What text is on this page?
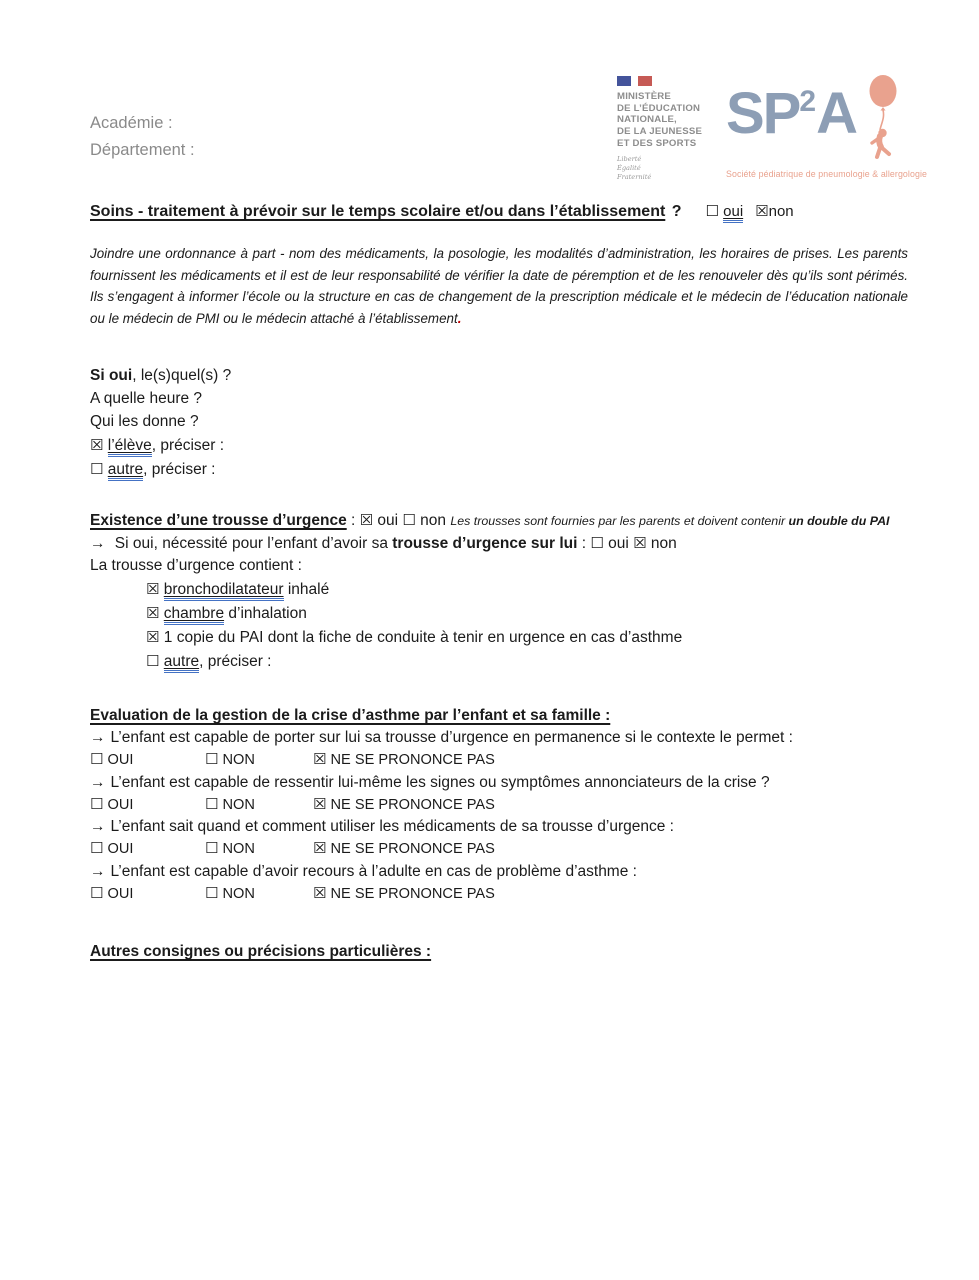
Académie :
Département :
MINISTÈRE
DE L’ÉDUCATION
NATIONALE,
DE LA JEUNESSE
ET DES SPORTS
Liberté
Égalité
Fraternité
SP2A
Société pédiatrique de pneumologie & allergologie
Soins - traitement à prévoir sur le temps scolaire et/ou dans l’établissement ? ☐ oui ☒non

Joindre une ordonnance à part - nom des médicaments, la posologie, les modalités d’administration, les horaires de prises. Les parents fournissent les médicaments et il est de leur responsabilité de vérifier la date de péremption et de les renouveler dès qu’ils sont périmés. Ils s’engagent à informer l’école ou la structure en cas de changement de la prescription médicale et le médecin de l’éducation nationale ou le médecin de PMI ou le médecin attaché à l’établissement.

Si oui, le(s)quel(s) ?

A quelle heure ?

Qui les donne ?

☒ l’élève, préciser :

☐ autre, préciser :

Existence d’une trousse d’urgence : ☒ oui ☐ non Les trousses sont fournies par les parents et doivent contenir un double du PAI

→ Si oui, nécessité pour l’enfant d’avoir sa trousse d’urgence sur lui : ☐ oui ☒ non

La trousse d’urgence contient :

☒ bronchodilatateur inhalé

☒ chambre d’inhalation

☒ 1 copie du PAI dont la fiche de conduite à tenir en urgence en cas d’asthme

☐ autre, préciser :

Evaluation de la gestion de la crise d’asthme par l’enfant et sa famille :

→ L’enfant est capable de porter sur lui sa trousse d’urgence en permanence si le contexte le permet :

☐ OUI	☐ NON	☒ NE SE PRONONCE PAS

→ L’enfant est capable de ressentir lui-même les signes ou symptômes annonciateurs de la crise ?

☐ OUI	☐ NON	☒ NE SE PRONONCE PAS

→ L’enfant sait quand et comment utiliser les médicaments de sa trousse d’urgence :

☐ OUI	☐ NON	☒ NE SE PRONONCE PAS

→ L’enfant est capable d’avoir recours à l’adulte en cas de problème d’asthme :

☐ OUI	☐ NON	☒ NE SE PRONONCE PAS

Autres consignes ou précisions particulières :
